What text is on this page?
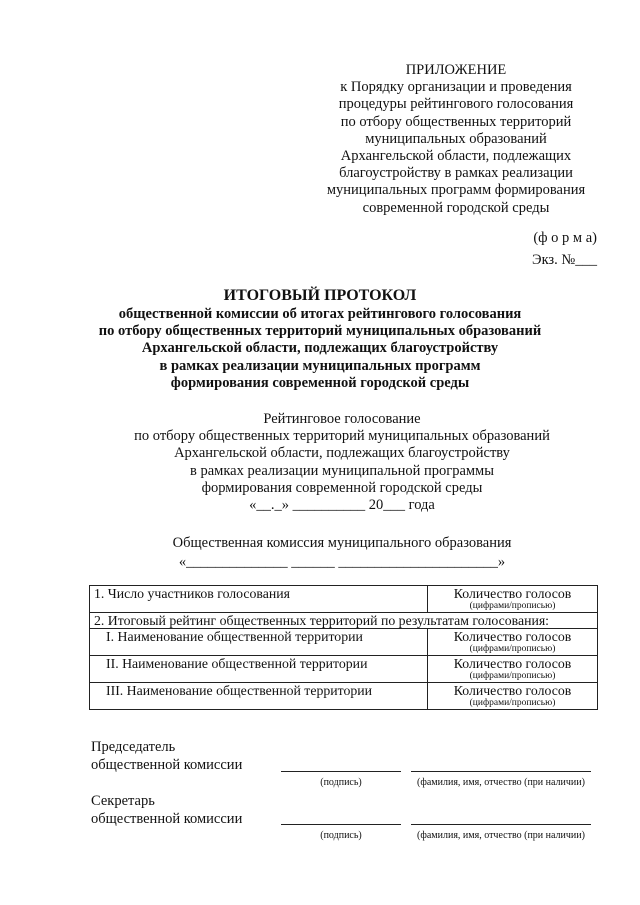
ПРИЛОЖЕНИЕ
к Порядку организации и проведения
процедуры рейтингового голосования
по отбору общественных территорий
муниципальных образований
Архангельской области, подлежащих
благоустройству в рамках реализации
муниципальных программ формирования
современной городской среды
(ф о р м а)
Экз. №___
ИТОГОВЫЙ ПРОТОКОЛ
общественной комиссии об итогах рейтингового голосования
по отбору общественных территорий муниципальных образований
Архангельской области, подлежащих благоустройству
в рамках реализации муниципальных программ
формирования современной городской среды
Рейтинговое голосование
по отбору общественных территорий муниципальных образований
Архангельской области, подлежащих благоустройству
в рамках реализации муниципальной программы
формирования современной городской среды
«__._» __________ 20___ года
Общественная комиссия муниципального образования
«______________ ______ ______________________»
1. Число участников голосования	Количество голосов
(цифрами/прописью)

2. Итоговый рейтинг общественных территорий по результатам голосования:	
I. Наименование общественной территории	Количество голосов
(цифрами/прописью)

II. Наименование общественной территории	Количество голосов
(цифрами/прописью)

III. Наименование общественной территории	Количество голосов
(цифрами/прописью)
Председатель
общественной комиссии
(подпись)	(фамилия, имя, отчество (при наличии)
Секретарь
общественной комиссии
(подпись)	(фамилия, имя, отчество (при наличии)
